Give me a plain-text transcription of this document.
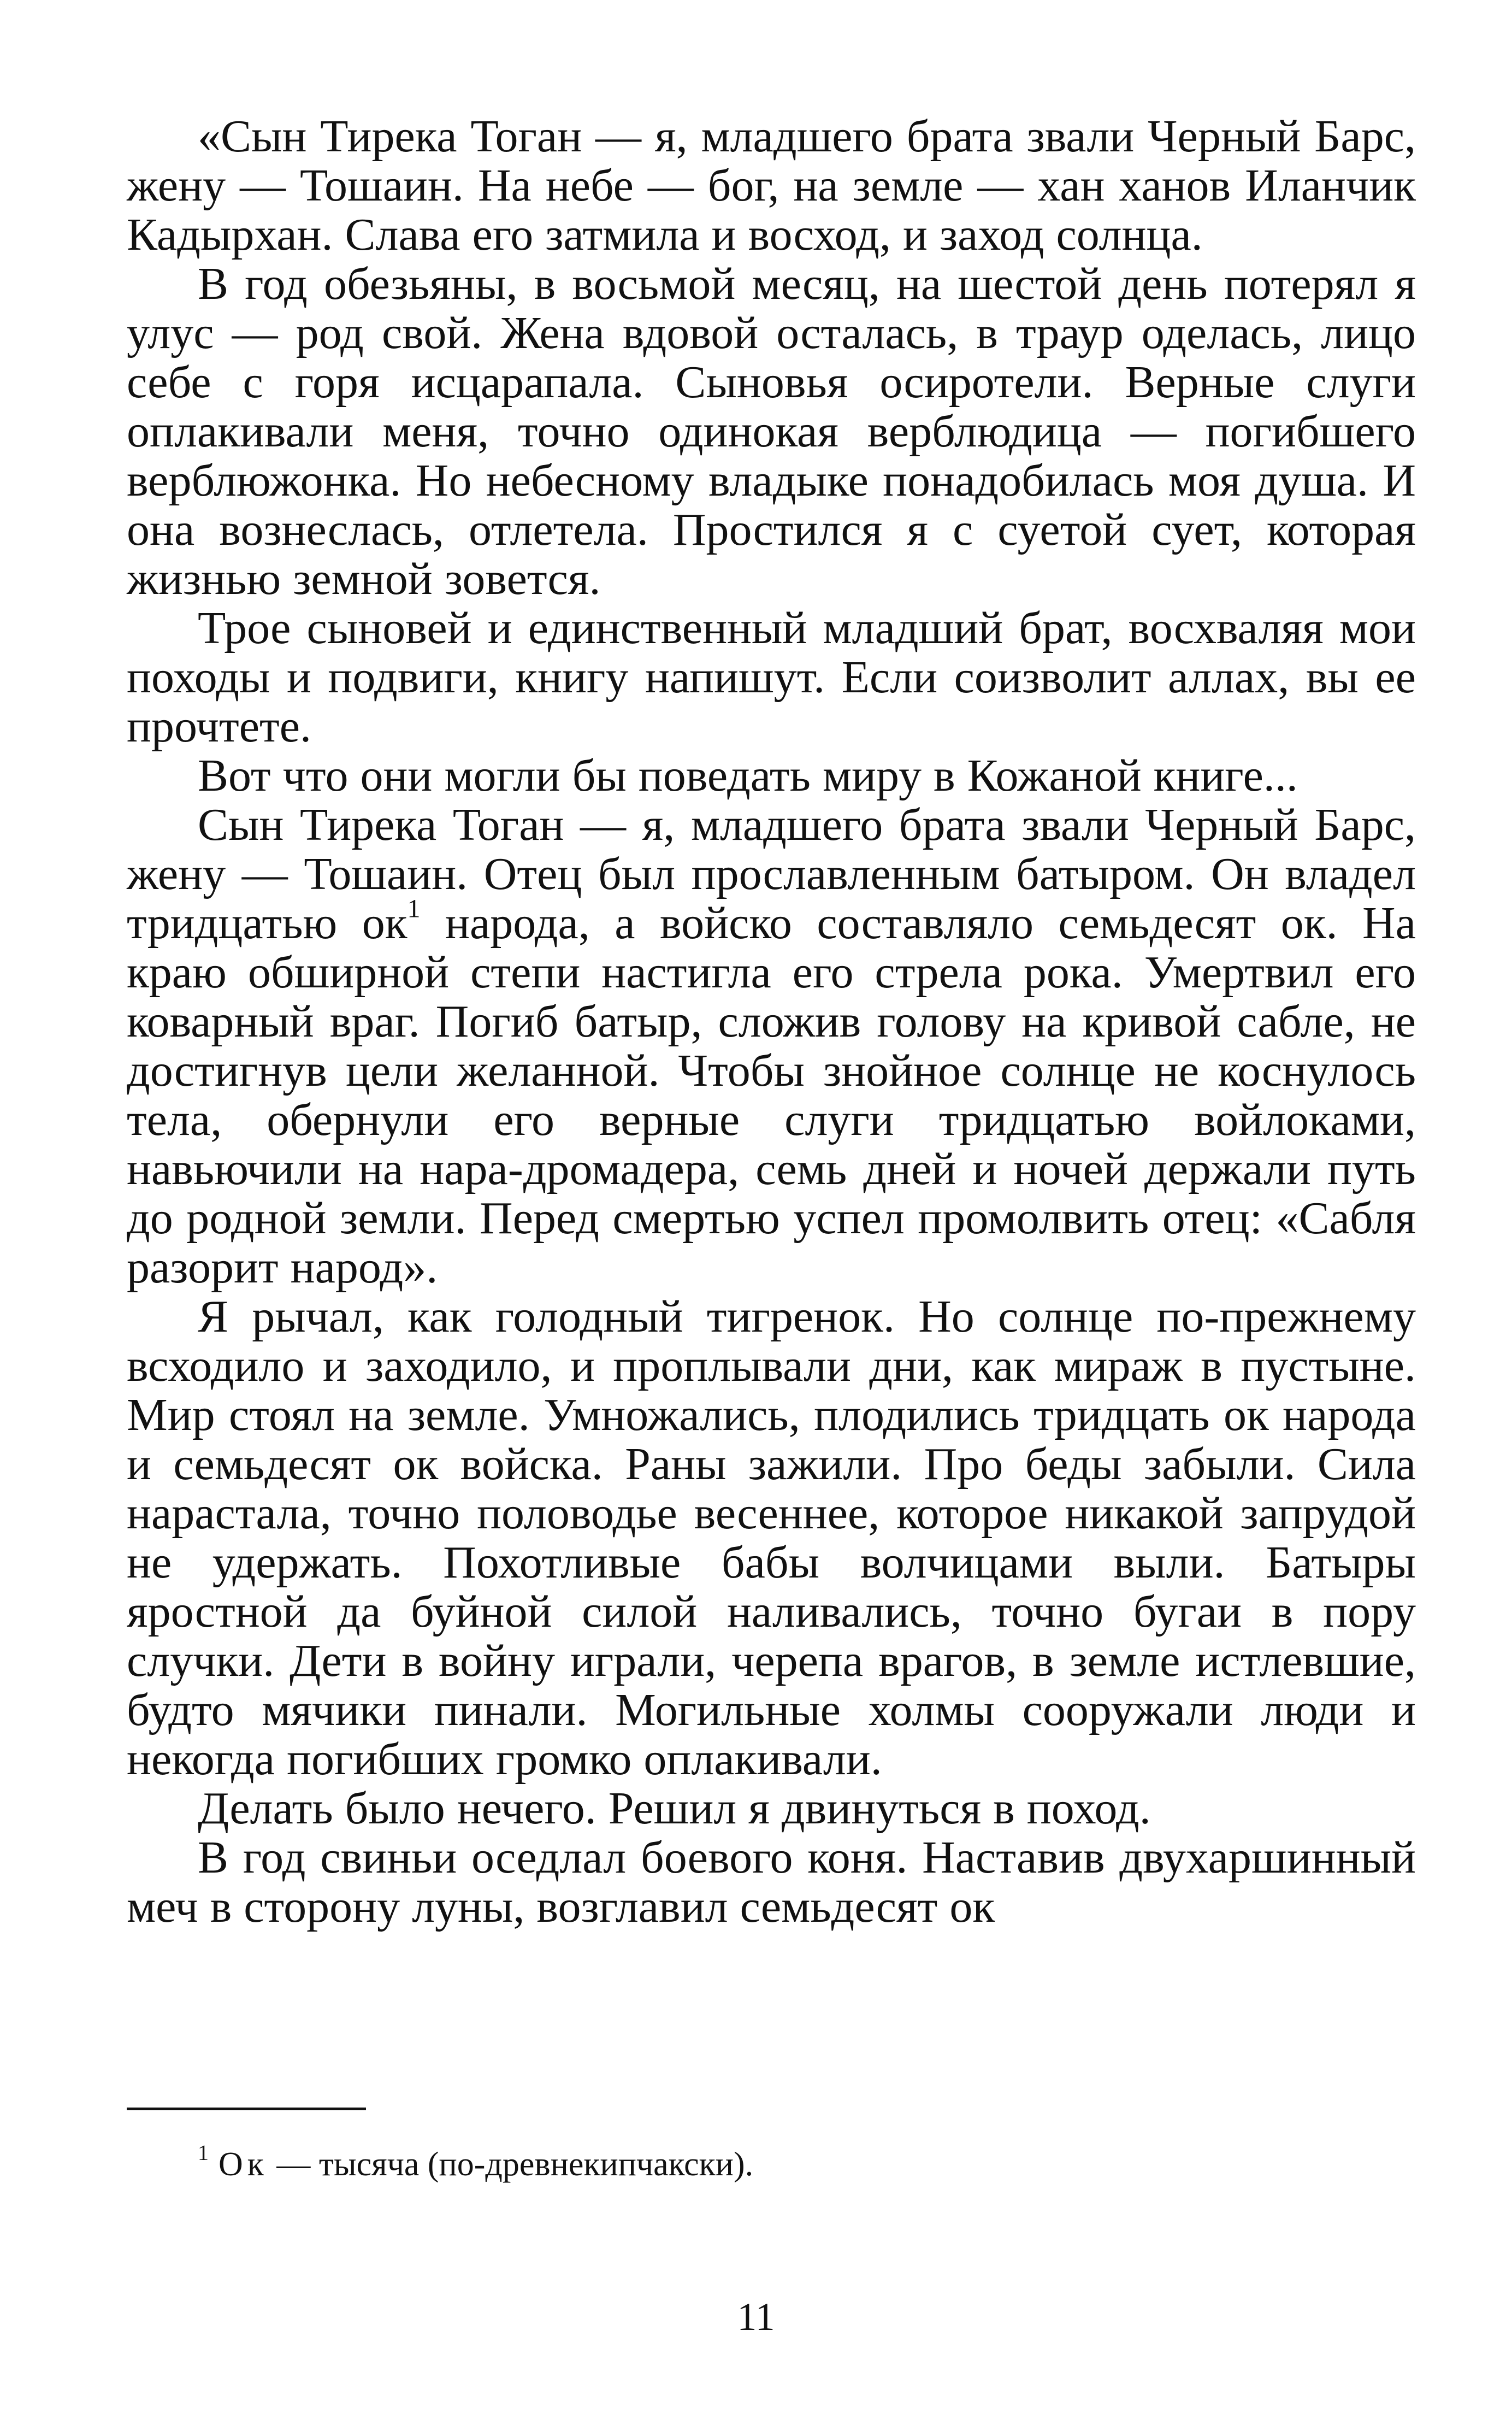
«Сын Тирека Тоган — я, младшего брата звали Черный Барс, жену — Тошаин. На небе — бог, на земле — хан ханов Иланчик Кадырхан. Слава его затмила и восход, и заход солнца.

В год обезьяны, в восьмой месяц, на шестой день потерял я улус — род свой. Жена вдовой осталась, в траур оделась, лицо себе с горя исцарапала. Сыновья осиротели. Верные слуги оплакивали меня, точно одинокая верблюдица — погибшего верблюжонка. Но небесному владыке понадобилась моя душа. И она вознеслась, отлетела. Простился я с суетой сует, которая жизнью земной зовется.

Трое сыновей и единственный младший брат, восхваляя мои походы и подвиги, книгу напишут. Если соизволит аллах, вы ее прочтете.

Вот что они могли бы поведать миру в Кожаной книге...

Сын Тирека Тоган — я, младшего брата звали Черный Барс, жену — Тошаин. Отец был прославленным батыром. Он владел тридцатью ок$^1$ народа, а войско составляло семьдесят ок. На краю обширной степи настигла его стрела рока. Умертвил его коварный враг. Погиб батыр, сложив голову на кривой сабле, не достигнув цели желанной. Чтобы знойное солнце не коснулось тела, обернули его верные слуги тридцатью войлоками, навьючили на нара-дромадера, семь дней и ночей держали путь до родной земли. Перед смертью успел промолвить отец: «Сабля разорит народ».

Я рычал, как голодный тигренок. Но солнце по-прежнему всходило и заходило, и проплывали дни, как мираж в пустыне. Мир стоял на земле. Умножались, плодились тридцать ок народа и семьдесят ок войска. Раны зажили. Про беды забыли. Сила нарастала, точно половодье весеннее, которое никакой запрудой не удержать. Похотливые бабы волчицами выли. Батыры яростной да буйной силой наливались, точно бугаи в пору случки. Дети в войну играли, черепа врагов, в земле истлевшие, будто мячики пинали. Могильные холмы сооружали люди и некогда погибших громко оплакивали.

Делать было нечего. Решил я двинуться в поход.

В год свиньи оседлал боевого коня. Наставив двухаршинный меч в сторону луны, возглавил семьдесят ок

$^1$ Ок — тысяча (по-древнекипчакски).
11
